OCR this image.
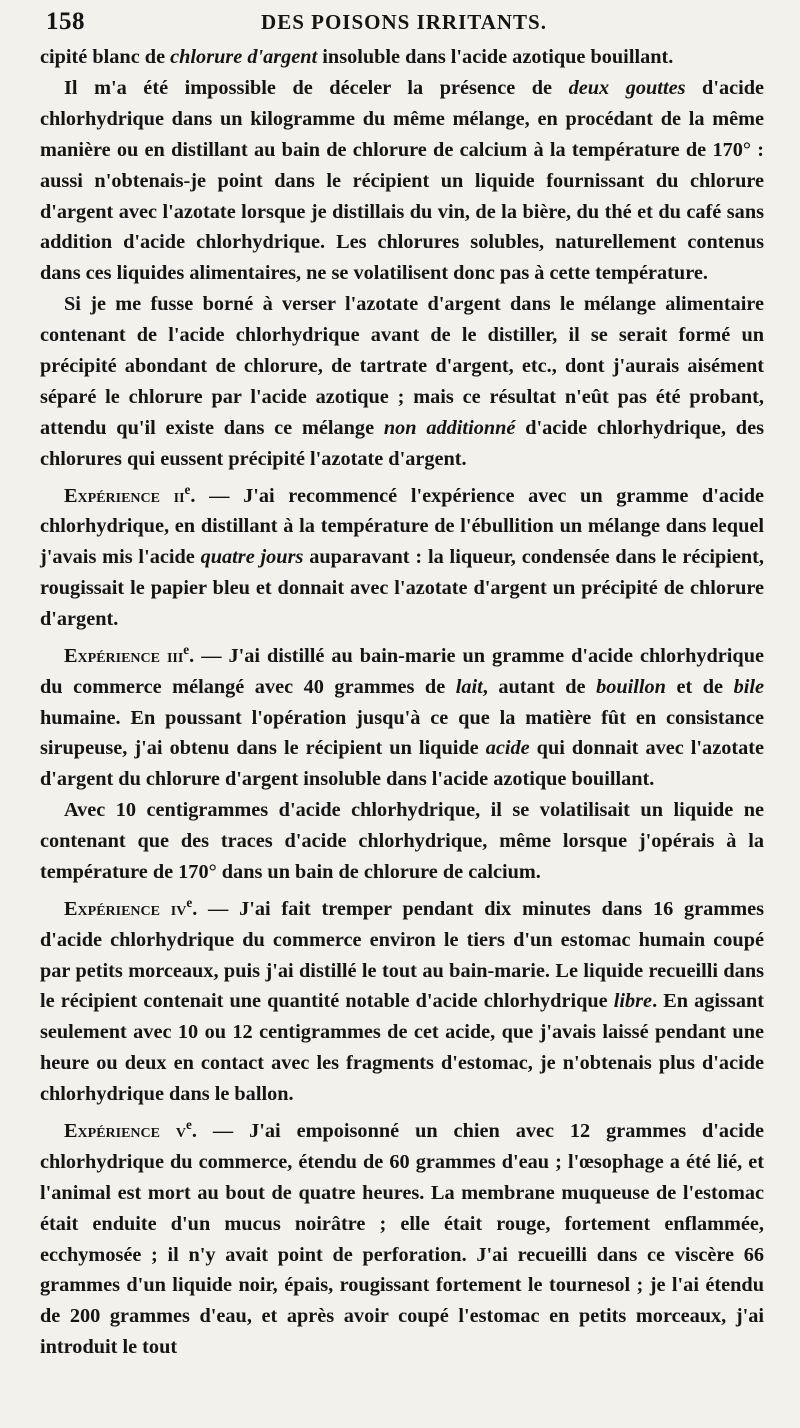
158	DES POISONS IRRITANTS.

cipité blanc de chlorure d'argent insoluble dans l'acide azotique bouillant.

Il m'a été impossible de déceler la présence de deux gouttes d'acide chlorhydrique dans un kilogramme du même mélange, en procédant de la même manière ou en distillant au bain de chlorure de calcium à la température de 170° : aussi n'obtenais-je point dans le récipient un liquide fournissant du chlorure d'argent avec l'azotate lorsque je distillais du vin, de la bière, du thé et du café sans addition d'acide chlorhydrique. Les chlorures solubles, naturellement contenus dans ces liquides alimentaires, ne se volatilisent donc pas à cette température.

Si je me fusse borné à verser l'azotate d'argent dans le mélange alimentaire contenant de l'acide chlorhydrique avant de le distiller, il se serait formé un précipité abondant de chlorure, de tartrate d'argent, etc., dont j'aurais aisément séparé le chlorure par l'acide azotique ; mais ce résultat n'eût pas été probant, attendu qu'il existe dans ce mélange non additionné d'acide chlorhydrique, des chlorures qui eussent précipité l'azotate d'argent.

Expérience $ii^e$. — J'ai recommencé l'expérience avec un gramme d'acide chlorhydrique, en distillant à la température de l'ébullition un mélange dans lequel j'avais mis l'acide quatre jours auparavant : la liqueur, condensée dans le récipient, rougissait le papier bleu et donnait avec l'azotate d'argent un précipité de chlorure d'argent.

Expérience iii$^e$. — J'ai distillé au bain-marie un gramme d'acide chlorhydrique du commerce mélangé avec 40 grammes de lait, autant de bouillon et de bile humaine. En poussant l'opération jusqu'à ce que la matière fût en consistance sirupeuse, j'ai obtenu dans le récipient un liquide acide qui donnait avec l'azotate d'argent du chlorure d'argent insoluble dans l'acide azotique bouillant.

Avec 10 centigrammes d'acide chlorhydrique, il se volatilisait un liquide ne contenant que des traces d'acide chlorhydrique, même lorsque j'opérais à la température de 170° dans un bain de chlorure de calcium.

Expérience $iv^e$. — J'ai fait tremper pendant dix minutes dans 16 grammes d'acide chlorhydrique du commerce environ le tiers d'un estomac humain coupé par petits morceaux, puis j'ai distillé le tout au bain-marie. Le liquide recueilli dans le récipient contenait une quantité notable d'acide chlorhydrique libre. En agissant seulement avec 10 ou 12 centigrammes de cet acide, que j'avais laissé pendant une heure ou deux en contact avec les fragments d'estomac, je n'obtenais plus d'acide chlorhydrique dans le ballon.

Expérience $v^e$. — J'ai empoisonné un chien avec 12 grammes d'acide chlorhydrique du commerce, étendu de 60 grammes d'eau ; l'œsophage a été lié, et l'animal est mort au bout de quatre heures. La membrane muqueuse de l'estomac était enduite d'un mucus noirâtre ; elle était rouge, fortement enflammée, ecchymosée ; il n'y avait point de perforation. J'ai recueilli dans ce viscère 66 grammes d'un liquide noir, épais, rougissant fortement le tournesol ; je l'ai étendu de 200 grammes d'eau, et après avoir coupé l'estomac en petits morceaux, j'ai introduit le tout
